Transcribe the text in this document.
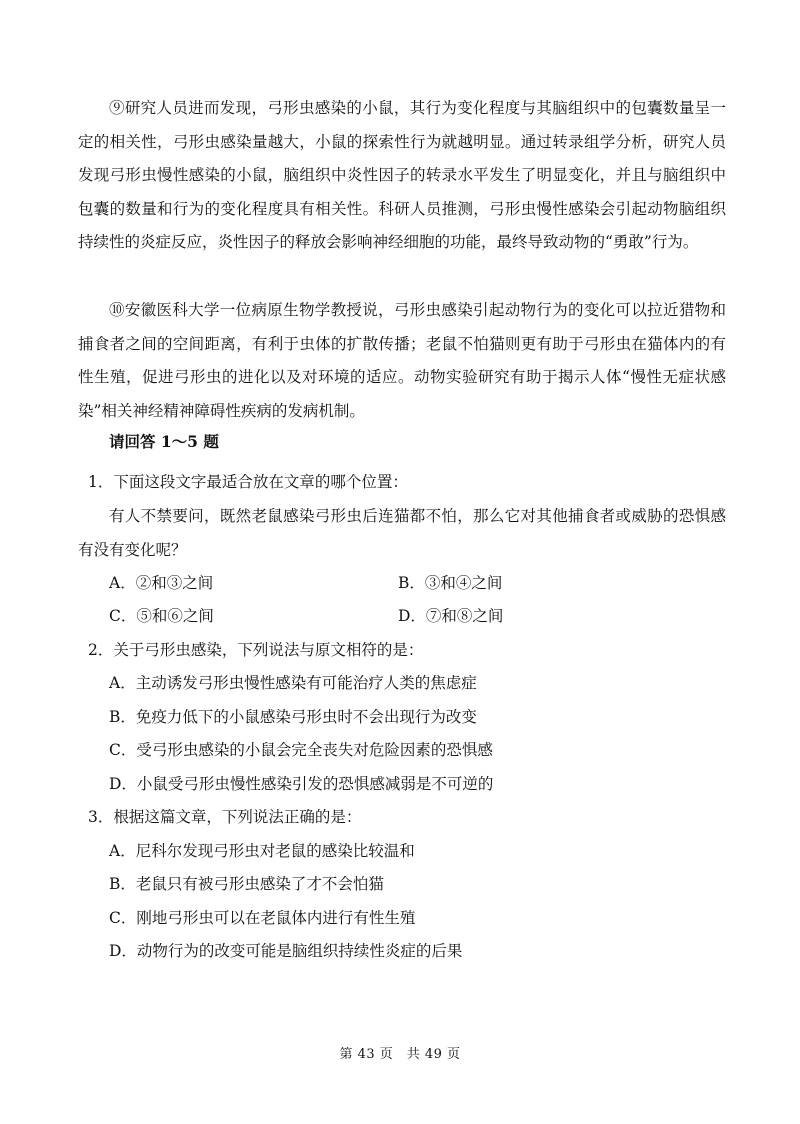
⑨研究人员进而发现，弓形虫感染的小鼠，其行为变化程度与其脑组织中的包囊数量呈一定的相关性，弓形虫感染量越大，小鼠的探索性行为就越明显。通过转录组学分析，研究人员发现弓形虫慢性感染的小鼠，脑组织中炎性因子的转录水平发生了明显变化，并且与脑组织中包囊的数量和行为的变化程度具有相关性。科研人员推测，弓形虫慢性感染会引起动物脑组织持续性的炎症反应，炎性因子的释放会影响神经细胞的功能，最终导致动物的“勇敢”行为。

⑩安徽医科大学一位病原生物学教授说，弓形虫感染引起动物行为的变化可以拉近猎物和捕食者之间的空间距离，有利于虫体的扩散传播；老鼠不怕猫则更有助于弓形虫在猫体内的有性生殖，促进弓形虫的进化以及对环境的适应。动物实验研究有助于揭示人体“慢性无症状感染”相关神经精神障碍性疾病的发病机制。

请回答 1～5 题

1．下面这段文字最适合放在文章的哪个位置：

有人不禁要问，既然老鼠感染弓形虫后连猫都不怕，那么它对其他捕食者或威胁的恐惧感有没有变化呢？

A．②和③之间	B．③和④之间

C．⑤和⑥之间	D．⑦和⑧之间

2．关于弓形虫感染，下列说法与原文相符的是：

A．主动诱发弓形虫慢性感染有可能治疗人类的焦虑症

B．免疫力低下的小鼠感染弓形虫时不会出现行为改变

C．受弓形虫感染的小鼠会完全丧失对危险因素的恐惧感

D．小鼠受弓形虫慢性感染引发的恐惧感减弱是不可逆的

3．根据这篇文章，下列说法正确的是：

A．尼科尔发现弓形虫对老鼠的感染比较温和

B．老鼠只有被弓形虫感染了才不会怕猫

C．刚地弓形虫可以在老鼠体内进行有性生殖

D．动物行为的改变可能是脑组织持续性炎症的后果

第 43 页　共 49 页
